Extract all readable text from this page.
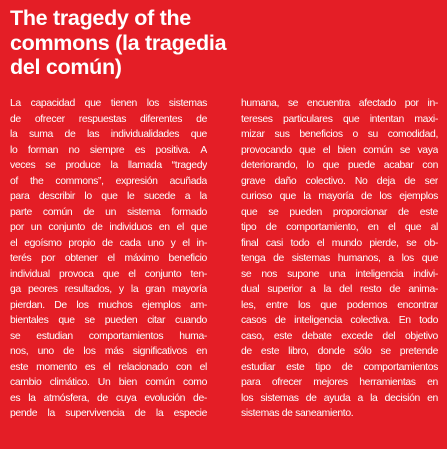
The tragedy of the
commons (la tragedia
del común)
La capacidad que tienen los sistemas
de ofrecer respuestas diferentes de
la suma de las individualidades que
lo forman no siempre es positiva. A
veces se produce la llamada “tragedy
of the commons”, expresión acuñada
para describir lo que le sucede a la
parte común de un sistema formado
por un conjunto de individuos en el que
el egoísmo propio de cada uno y el in-
terés por obtener el máximo beneficio
individual provoca que el conjunto ten-
ga peores resultados, y la gran mayoría
pierdan. De los muchos ejemplos am-
bientales que se pueden citar cuando
se estudian comportamientos huma-
nos, uno de los más significativos en
este momento es el relacionado con el
cambio climático. Un bien común como
es la atmósfera, de cuya evolución de-
pende la supervivencia de la especie
humana, se encuentra afectado por in-
tereses particulares que intentan maxi-
mizar sus beneficios o su comodidad,
provocando que el bien común se vaya
deteriorando, lo que puede acabar con
grave daño colectivo. No deja de ser
curioso que la mayoría de los ejemplos
que se pueden proporcionar de este
tipo de comportamiento, en el que al
final casi todo el mundo pierde, se ob-
tenga de sistemas humanos, a los que
se nos supone una inteligencia indivi-
dual superior a la del resto de anima-
les, entre los que podemos encontrar
casos de inteligencia colectiva. En todo
caso, este debate excede del objetivo
de este libro, donde sólo se pretende
estudiar este tipo de comportamientos
para ofrecer mejores herramientas en
los sistemas de ayuda a la decisión en
sistemas de saneamiento.
